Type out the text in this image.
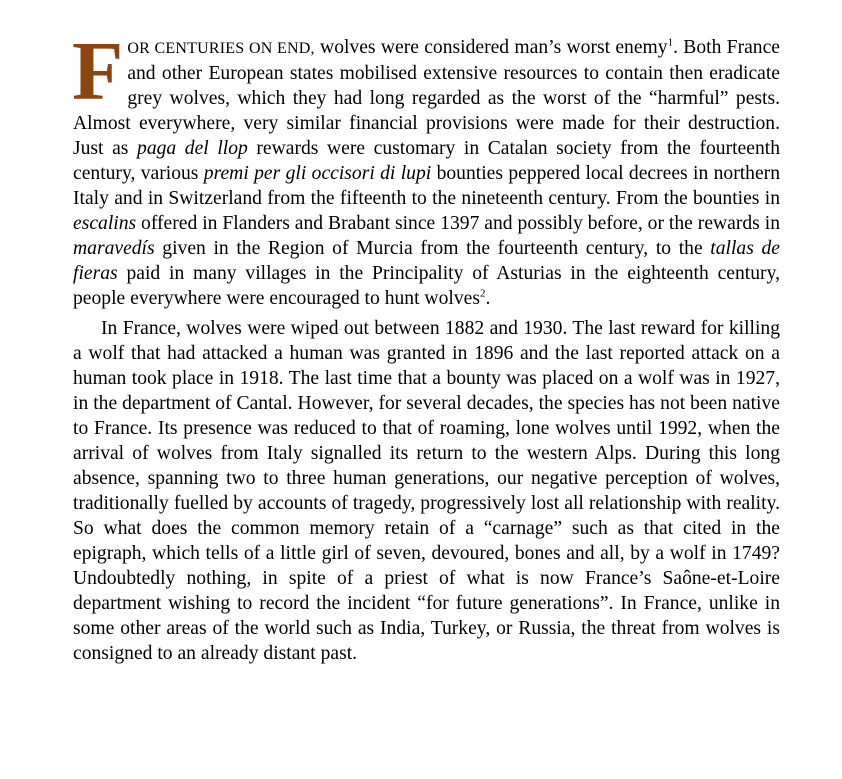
FOR CENTURIES ON END, wolves were considered man’s worst enemy$^1$. Both France and other European states mobilised extensive resources to contain then eradicate grey wolves, which they had long regarded as the worst of the “harmful” pests. Almost everywhere, very similar financial provisions were made for their destruction. Just as paga del llop rewards were customary in Catalan society from the fourteenth century, various premi per gli occisori di lupi bounties peppered local decrees in northern Italy and in Switzerland from the fifteenth to the nineteenth century. From the bounties in escalins offered in Flanders and Brabant since 1397 and possibly before, or the rewards in maravedís given in the Region of Murcia from the fourteenth century, to the tallas de fieras paid in many villages in the Principality of Asturias in the eighteenth century, people everywhere were encouraged to hunt wolves$^2$.

In France, wolves were wiped out between 1882 and 1930. The last reward for killing a wolf that had attacked a human was granted in 1896 and the last reported attack on a human took place in 1918. The last time that a bounty was placed on a wolf was in 1927, in the department of Cantal. However, for several decades, the species has not been native to France. Its presence was reduced to that of roaming, lone wolves until 1992, when the arrival of wolves from Italy signalled its return to the western Alps. During this long absence, spanning two to three human generations, our negative perception of wolves, traditionally fuelled by accounts of tragedy, progressively lost all relationship with reality. So what does the common memory retain of a “carnage” such as that cited in the epigraph, which tells of a little girl of seven, devoured, bones and all, by a wolf in 1749? Undoubtedly nothing, in spite of a priest of what is now France’s Saône-et-Loire department wishing to record the incident “for future generations”. In France, unlike in some other areas of the world such as India, Turkey, or Russia, the threat from wolves is consigned to an already distant past.
